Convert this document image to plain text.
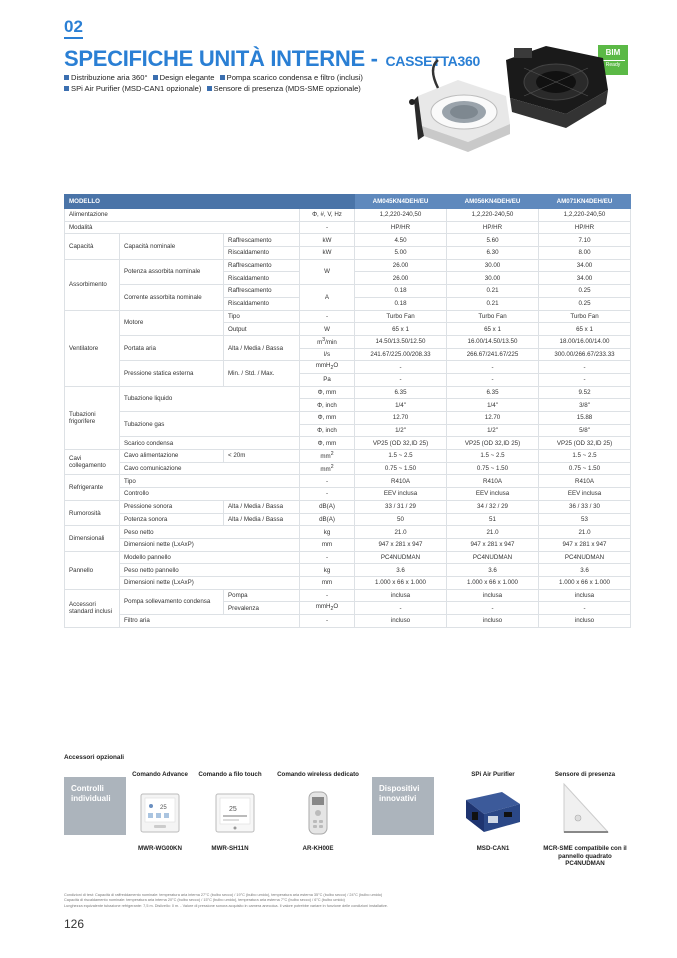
02
SPECIFICHE UNITÀ INTERNE - CASSETTA360
Distribuzione aria 360° Design elegante Pompa scarico condensa e filtro (inclusi)
SPi Air Purifier (MSD-CAN1 opzionale) Sensore di presenza (MDS-SME opzionale)
BIM
Ready
MODELLO				AM045KN4DEH/EU	AM056KN4DEH/EU	AM071KN4DEH/EU
Alimentazione			Φ, #, V, Hz	1,2,220-240,50	1,2,220-240,50	1,2,220-240,50
Modalità			-	HP/HR	HP/HR	HP/HR
Capacità	Capacità nominale	Raffrescamento	kW	4.50	5.60	7.10
		Riscaldamento	kW	5.00	6.30	8.00
Assorbimento	Potenza assorbita nominale	Raffrescamento	W	26.00	30.00	34.00
		Riscaldamento		26.00	30.00	34.00
	Corrente assorbita nominale	Raffrescamento	A	0.18	0.21	0.25
		Riscaldamento		0.18	0.21	0.25
Ventilatore	Motore	Tipo	-	Turbo Fan	Turbo Fan	Turbo Fan
		Output	W	65 x 1	65 x 1	65 x 1
	Portata aria	Alta / Media / Bassa	$m^3/\min$	14.50/13.50/12.50	16.00/14.50/13.50	18.00/16.00/14.00
			l/s	241.67/225.00/208.33	266.67/241.67/225	300.00/266.67/233.33
	Pressione statica esterna	Min. / Std. / Max.	mmH$_2$O	-	-	-
			Pa	-	-	-
Tubazioni frigorifere	Tubazione liquido		Φ, mm	6.35	6.35	9.52
			Φ, inch	1/4"	1/4"	3/8"
	Tubazione gas		Φ, mm	12.70	12.70	15.88
			Φ, inch	1/2"	1/2"	5/8"
	Scarico condensa		Φ, mm	VP25 (OD 32,ID 25)	VP25 (OD 32,ID 25)	VP25 (OD 32,ID 25)
Cavi collegamento	Cavo alimentazione	< 20m	$mm^2$	1.5 ~ 2.5	1.5 ~ 2.5	1.5 ~ 2.5
	Cavo comunicazione		$mm^2$	0.75 ~ 1.50	0.75 ~ 1.50	0.75 ~ 1.50
Refrigerante	Tipo		-	R410A	R410A	R410A
	Controllo		-	EEV inclusa	EEV inclusa	EEV inclusa
Rumorosità	Pressione sonora	Alta / Media / Bassa	dB(A)	33 / 31 / 29	34 / 32 / 29	36 / 33 / 30
	Potenza sonora	Alta / Media / Bassa	dB(A)	50	51	53
Dimensionali	Peso netto		kg	21.0	21.0	21.0
	Dimensioni nette (LxAxP)		mm	947 x 281 x 947	947 x 281 x 947	947 x 281 x 947
Pannello	Modello pannello		-	PC4NUDMAN	PC4NUDMAN	PC4NUDMAN
	Peso netto pannello		kg	3.6	3.6	3.6
	Dimensioni nette (LxAxP)		mm	1.000 x 66 x 1.000	1.000 x 66 x 1.000	1.000 x 66 x 1.000
Accessori standard inclusi	Pompa sollevamento condensa	Pompa	-	inclusa	inclusa	inclusa
		Prevalenza	mmH$_2$O	-	-	-
	Filtro aria		-	incluso	incluso	incluso
Accessori opzionali
Comando Advance	Comando a filo touch Comando wireless dedicato	SPi Air Purifier	Sensore di presenza
Controlli individuali
Dispositivi innovativi
25	25
MWR-WG00KN	MWR-SH11N	AR-KH00E	MSD-CAN1	MCR-SME compatibile con il pannello quadrato PC4NUDMAN
Condizioni di test: Capacità di raffreddamento nominale: temperatura aria interna 27°C (bulbo secco) / 19°C (bulbo umido), temperatura aria esterna 35°C (bulbo secco) / 24°C (bulbo umido)
Capacità di riscaldamento nominale: temperatura aria interna 20°C (bulbo secco) / 15°C (bulbo umido), temperatura aria esterna 7°C (bulbo secco) / 6°C (bulbo umido)
Lunghezza equivalente tubazione refrigerante: 7,5 m. Dislivello: 0 m. - Valore di pressione sonora acquisito in camera anecoica. Il valore potrebbe variare in funzione delle condizioni installative.
126
